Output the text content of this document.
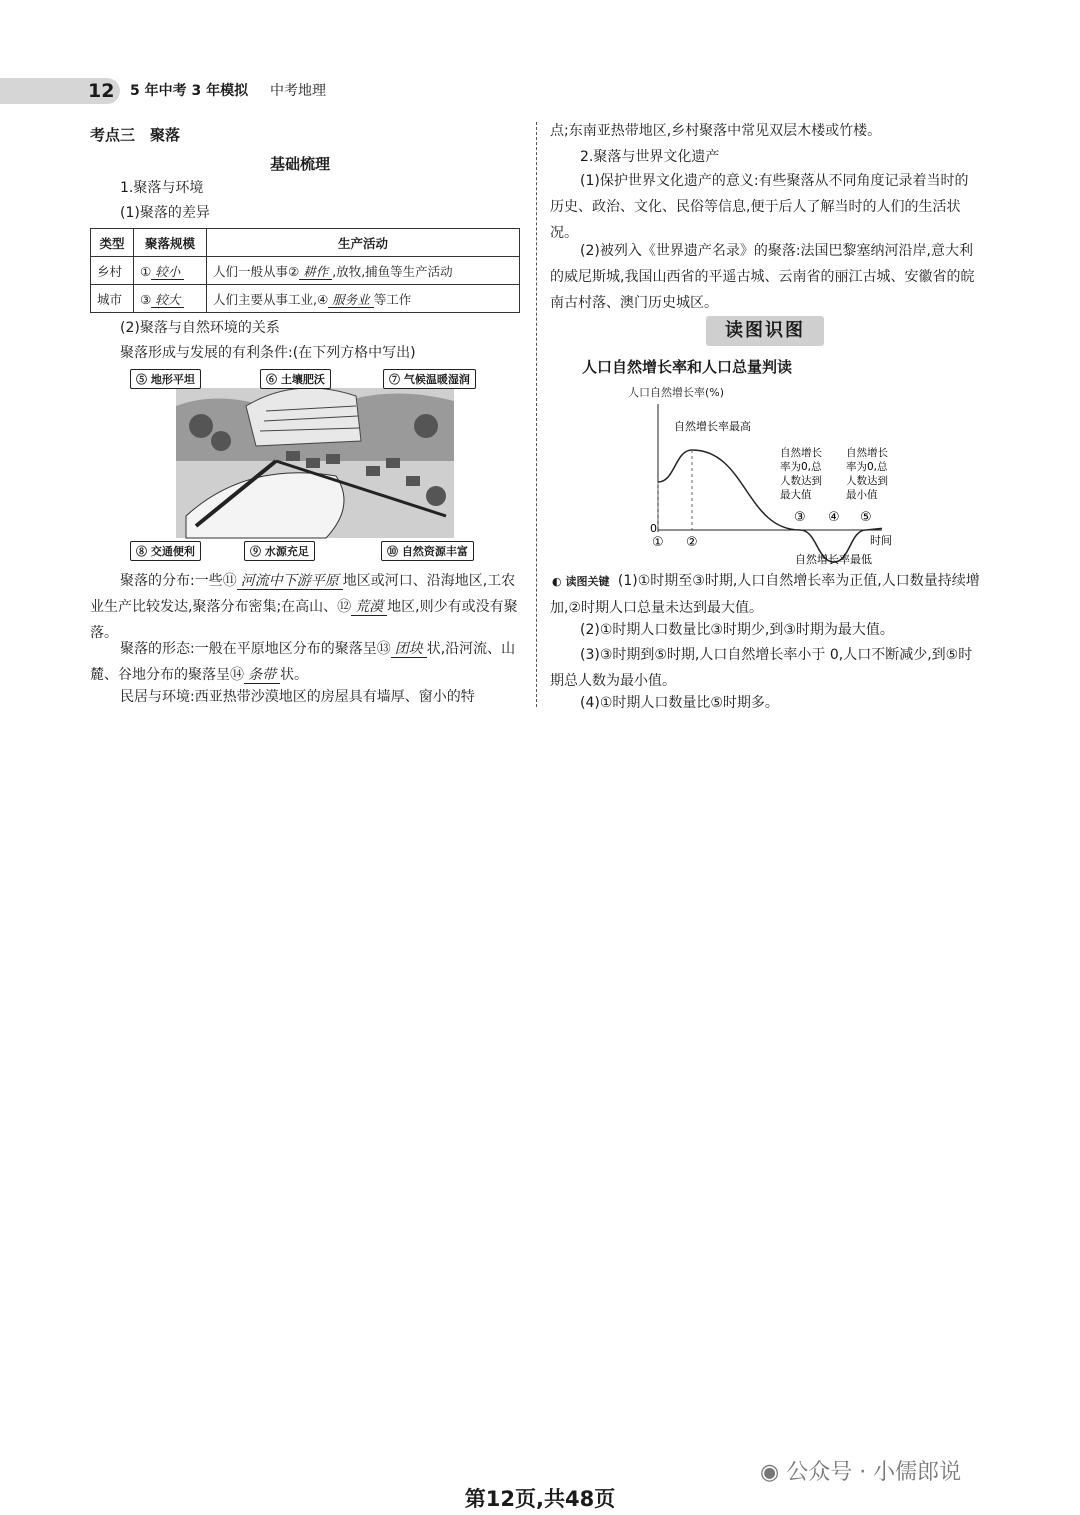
12 5 年中考 3 年模拟 中考地理
考点三　聚落
基础梳理
1.聚落与环境
(1)聚落的差异
类型	聚落规模	生产活动
乡村	① 较小	人们一般从事② 耕作 ,放牧,捕鱼等生产活动
城市	③ 较大	人们主要从事工业,④ 服务业 等工作
(2)聚落与自然环境的关系
聚落形成与发展的有利条件:(在下列方格中写出)
⑤ 地形平坦	⑥ 土壤肥沃	⑦ 气候温暖湿润
⑧ 交通便利	⑨ 水源充足	⑩ 自然资源丰富
聚落的分布:一些⑪ 河流中下游平原 地区或河口、沿海地区,工农业生产比较发达,聚落分布密集;在高山、⑫ 荒漠 地区,则少有或没有聚落。
聚落的形态:一般在平原地区分布的聚落呈⑬ 团块 状,沿河流、山麓、谷地分布的聚落呈⑭ 条带 状。
民居与环境:西亚热带沙漠地区的房屋具有墙厚、窗小的特
点;东南亚热带地区,乡村聚落中常见双层木楼或竹楼。
2.聚落与世界文化遗产
(1)保护世界文化遗产的意义:有些聚落从不同角度记录着当时的历史、政治、文化、民俗等信息,便于后人了解当时的人们的生活状况。
(2)被列入《世界遗产名录》的聚落:法国巴黎塞纳河沿岸,意大利的威尼斯城,我国山西省的平遥古城、云南省的丽江古城、安徽省的皖南古村落、澳门历史城区。
读图识图
人口自然增长率和人口总量判读
人口自然增长率(%)
0
时间
① ②
③ ④ ⑤
自然增长率最高
自然增长率最低
自然增长
率为0,总
人数达到
最大值
自然增长
率为0,总
人数达到
最小值
◐ 读图关键 (1)①时期至③时期,人口自然增长率为正值,人口数量持续增加,②时期人口总量未达到最大值。
(2)①时期人口数量比③时期少,到③时期为最大值。
(3)③时期到⑤时期,人口自然增长率小于 0,人口不断减少,到⑤时期总人数为最小值。
(4)①时期人口数量比⑤时期多。
◉ 公众号 · 小儒郎说
第12页,共48页
